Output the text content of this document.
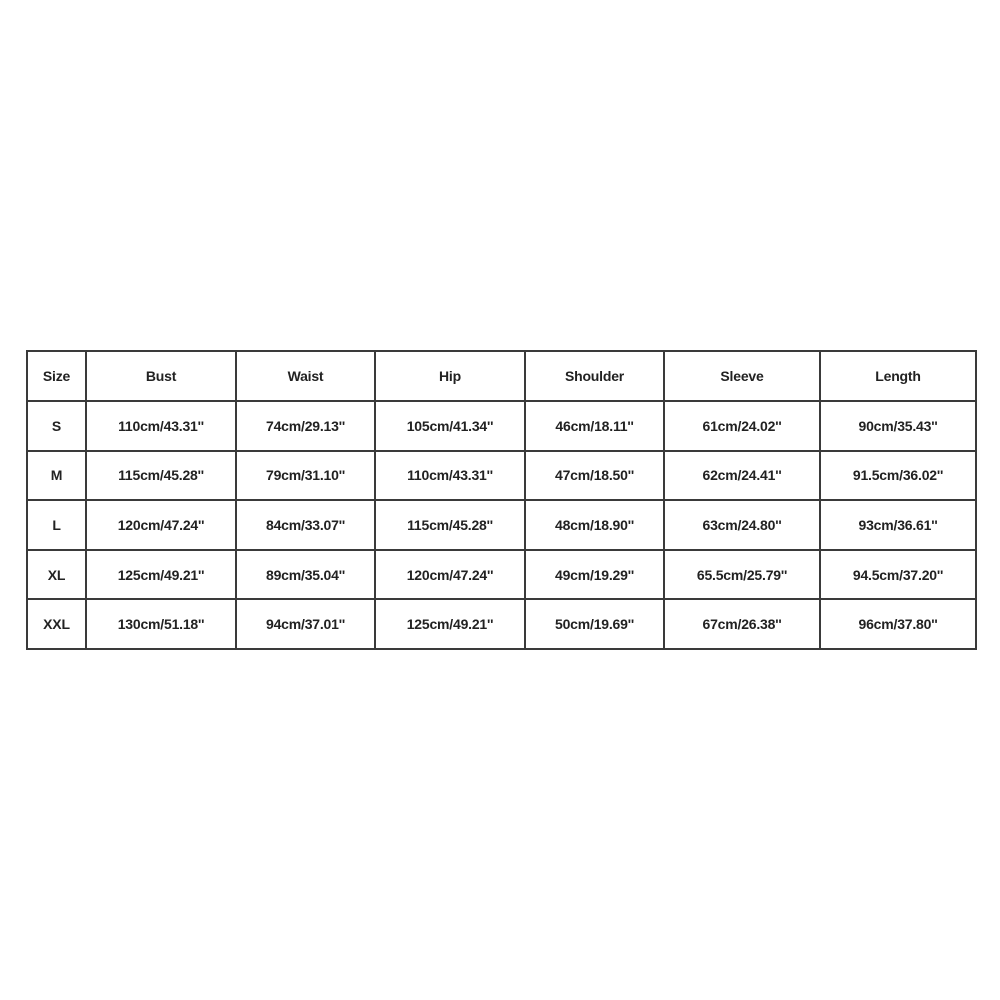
Size	Bust	Waist	Hip	Shoulder	Sleeve	Length
S	110cm/43.31''	74cm/29.13''	105cm/41.34''	46cm/18.11''	61cm/24.02''	90cm/35.43''
M	115cm/45.28''	79cm/31.10''	110cm/43.31''	47cm/18.50''	62cm/24.41''	91.5cm/36.02''
L	120cm/47.24''	84cm/33.07''	115cm/45.28''	48cm/18.90''	63cm/24.80''	93cm/36.61''
XL	125cm/49.21''	89cm/35.04''	120cm/47.24''	49cm/19.29''	65.5cm/25.79''	94.5cm/37.20''
XXL	130cm/51.18''	94cm/37.01''	125cm/49.21''	50cm/19.69''	67cm/26.38''	96cm/37.80''
